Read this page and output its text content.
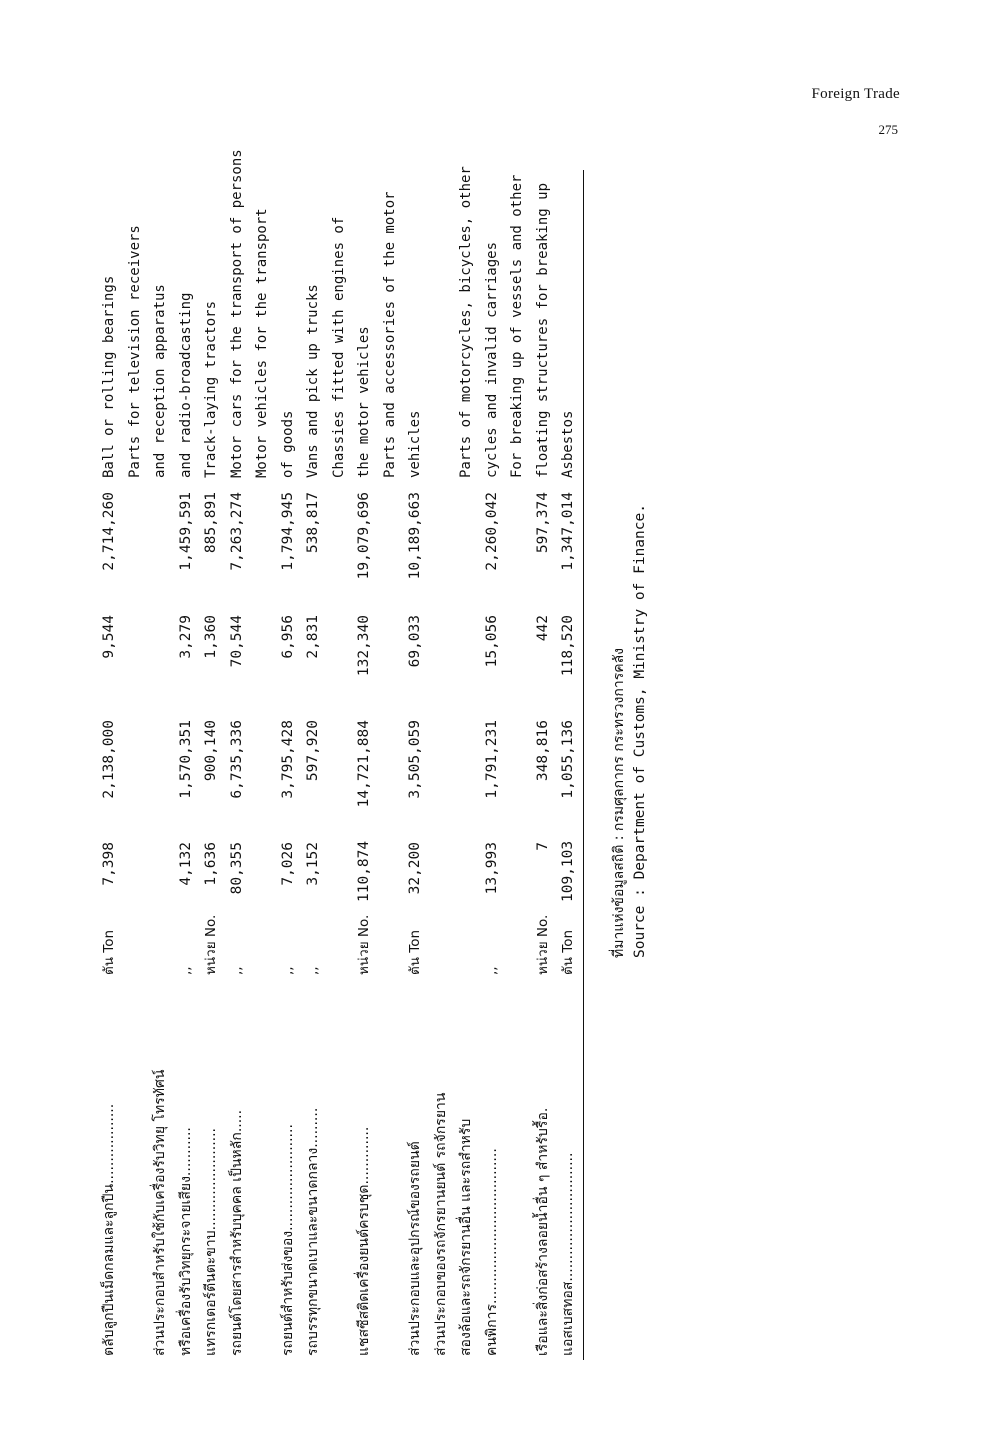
Foreign Trade
275
ที่มาแห่งข้อมูลสถิติ : กรมศุลกากร กระทรวงการคลัง Source : Department of Customs, Ministry of Finance.
ตลับลูกปืนเม็ดกลมและลูกปืน..................
ตัน Ton
7,398
2,138,000
9,544
2,714,260
Ball or rolling bearings Parts for television receivers
ส่วนประกอบสำหรับใช้กับเครื่องรับวิทยุ โทรทัศน์
and reception apparatus
หรือเครื่องรับวิทยุกระจายเสียง...........
,,
4,132
1,570,351
3,279
1,459,591
and radio-broadcasting
แทรกเตอร์ตีนตะขาบ.......................
หน่วย No.
1,636
900,140
1,360
885,891
Track-laying tractors
รถยนต์โดยสารสำหรับบุคคล เป็นหลัก.....
,,
80,355
6,735,336
70,544
7,263,274
Motor cars for the transport of persons Motor vehicles for the transport
รถยนต์สำหรับส่งของ........................
,,
7,026
3,795,428
6,956
1,794,945
of goods
รถบรรทุกขนาดเบาและขนาดกลาง.........
,,
3,152
597,920
2,831
538,817
Vans and pick up trucks Chassies fitted with engines of
แชสซีสติดเครื่องยนต์ครบชุด.............
หน่วย No.
110,874
14,721,884
132,340
19,079,696
the motor vehicles Parts and accessories of the motor
ส่วนประกอบและอุปกรณ์ของรถยนต์
ตัน Ton
32,200
3,505,059
69,033
10,189,663
vehicles
ส่วนประกอบของรถจักรยานยนต์ รถจักรยาน สองล้อและรถจักรยานอื่น และรถสำหรับ
Parts of motorcycles, bicycles, other
คนพิการ...................................
,,
13,993
1,791,231
15,056
2,260,042
cycles and invalid carriages For breaking up of vessels and other
เรือและสิ่งก่อสร้างลอยน้ำอื่น ๆ สำหรับรื้อ.
หน่วย No.
7
348,816
442
597,374
floating structures for breaking up
แอสเบสทอส.............................
ตัน Ton
109,103
1,055,136
118,520
1,347,014
Asbestos
